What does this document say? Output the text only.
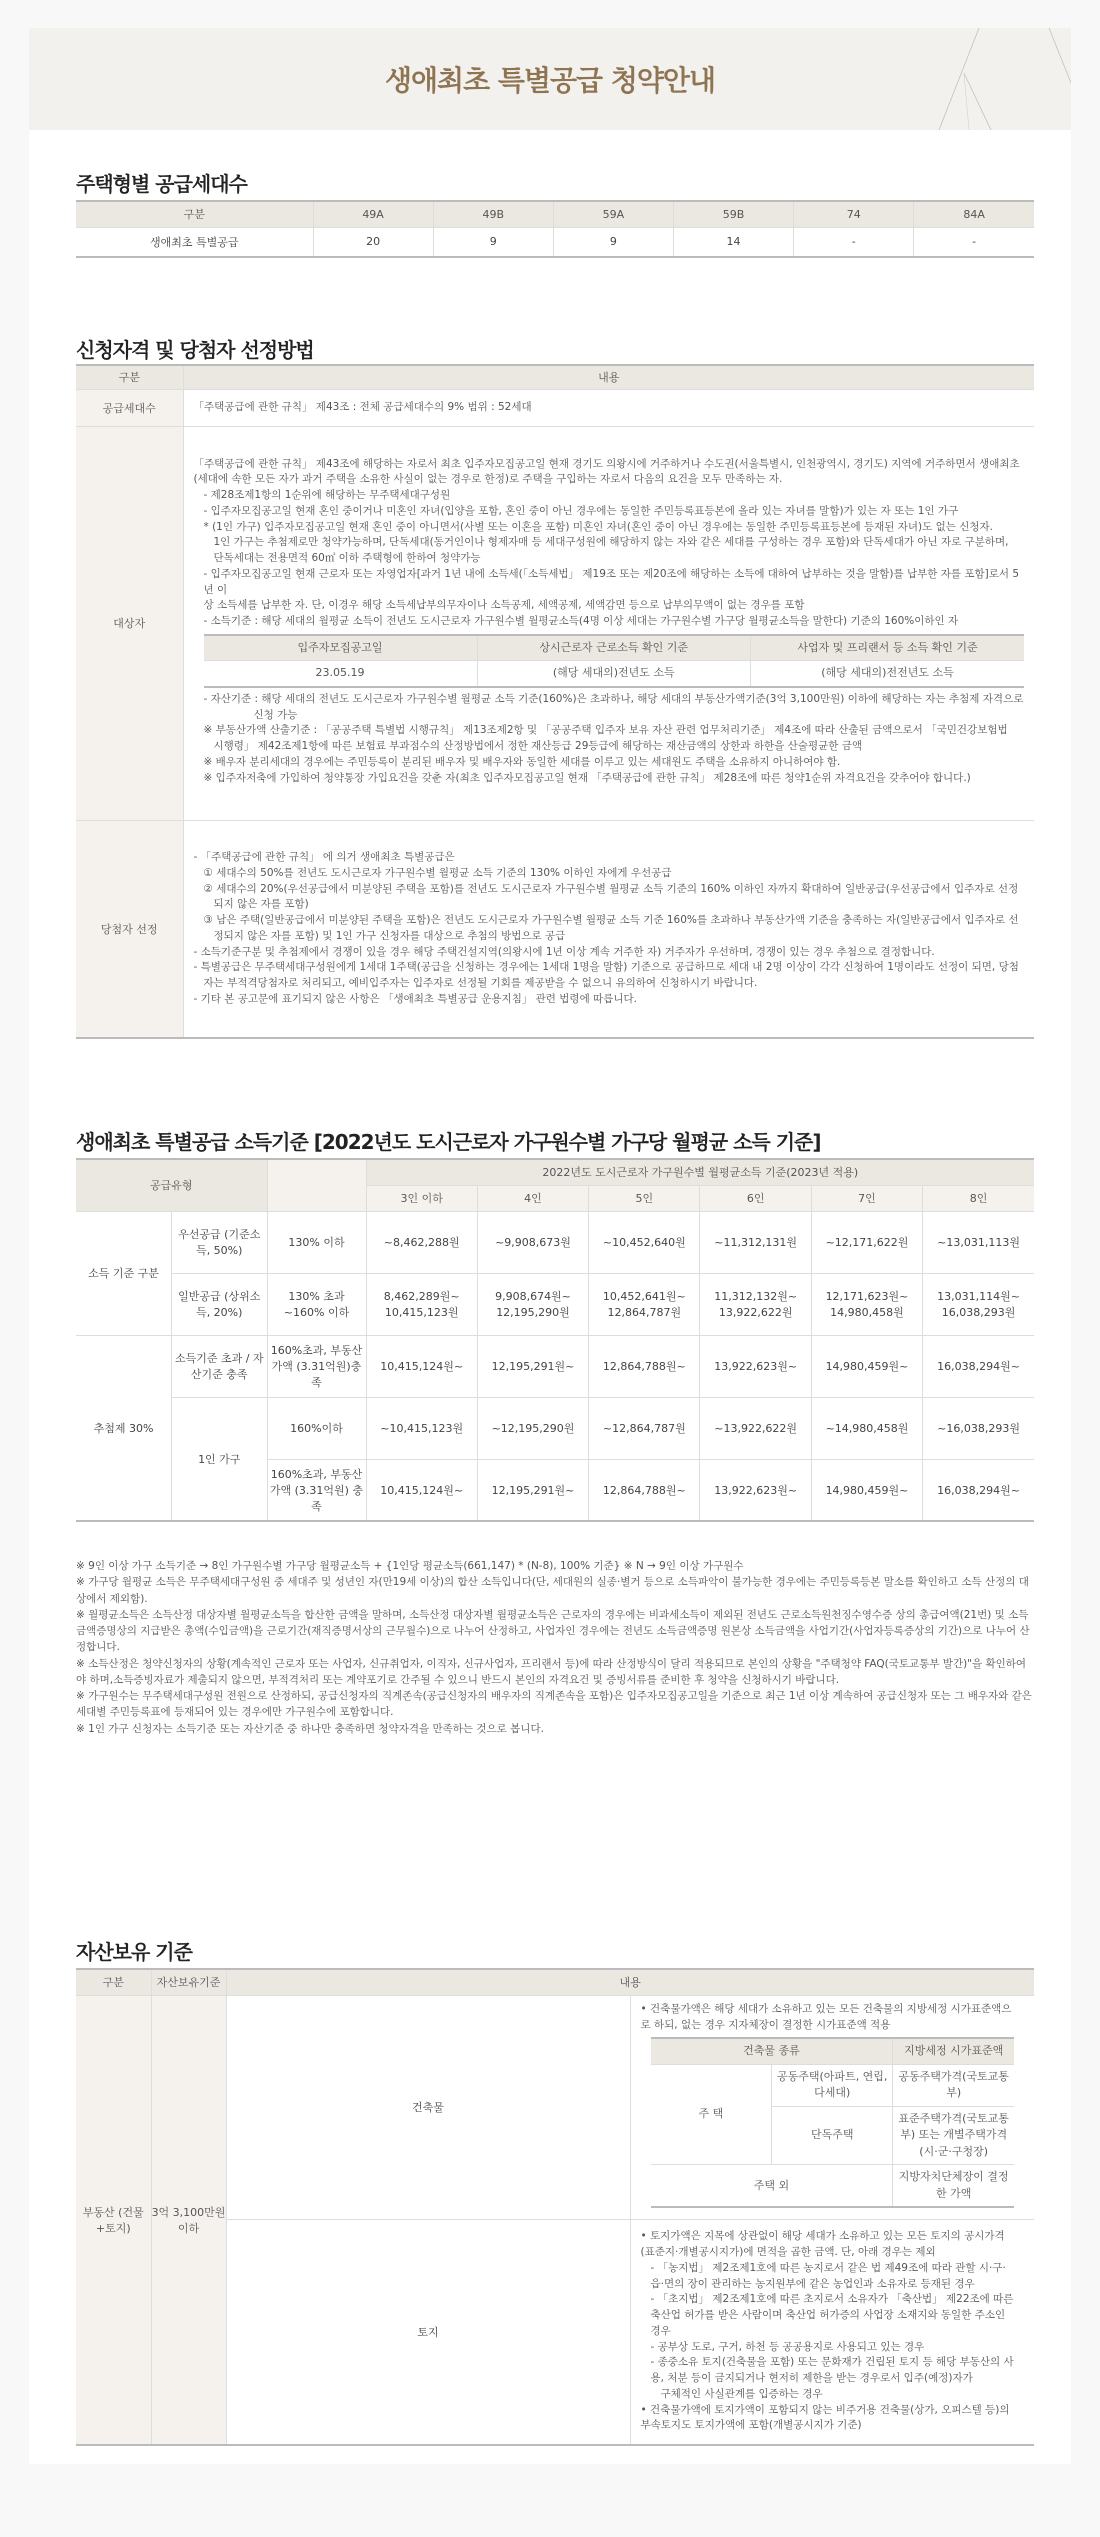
생애최초 특별공급 청약안내
주택형별 공급세대수
구분	49A	49B	59A	59B	74	84A
생애최초 특별공급	20	9	9	14	-	-
신청자격 및 당첨자 선정방법
구분	내용
공급세대수	「주택공급에 관한 규칙」 제43조 : 전체 공급세대수의 9% 범위 : 52세대
대상자	

「주택공급에 관한 규칙」 제43조에 해당하는 자로서 최초 입주자모집공고일 현재 경기도 의왕시에 거주하거나 수도권(서울특별시, 인천광역시, 경기도) 지역에 거주하면서 생애최초

(세대에 속한 모든 자가 과거 주택을 소유한 사실이 없는 경우로 한정)로 주택을 구입하는 자로서 다음의 요건을 모두 만족하는 자.

- 제28조제1항의 1순위에 해당하는 무주택세대구성원

- 입주자모집공고일 현재 혼인 중이거나 미혼인 자녀(입양을 포함, 혼인 중이 아닌 경우에는 동일한 주민등록표등본에 올라 있는 자녀를 말함)가 있는 자 또는 1인 가구

* (1인 가구) 입주자모집공고일 현재 혼인 중이 아니면서(사별 또는 이혼을 포함) 미혼인 자녀(혼인 중이 아닌 경우에는 동일한 주민등록표등본에 등재된 자녀)도 없는 신청자.

1인 가구는 추첨제로만 청약가능하며, 단독세대(동거인이나 형제자매 등 세대구성원에 해당하지 않는 자와 같은 세대를 구성하는 경우 포함)와 단독세대가 아닌 자로 구분하며,

단독세대는 전용면적 60㎡ 이하 주택형에 한하여 청약가능

- 입주자모집공고일 현재 근로자 또는 자영업자[과거 1년 내에 소득세(「소득세법」 제19조 또는 제20조에 해당하는 소득에 대하여 납부하는 것을 말함)를 납부한 자를 포함]로서 5년 이

상 소득세를 납부한 자. 단, 이경우 해당 소득세납부의무자이나 소득공제, 세액공제, 세액감면 등으로 납부의무액이 없는 경우를 포함

- 소득기준 : 해당 세대의 월평균 소득이 전년도 도시근로자 가구원수별 월평균소득(4명 이상 세대는 가구원수별 가구당 월평균소득을 말한다) 기준의 160%이하인 자

입주자모집공고일	상시근로자 근로소득 확인 기준	사업자 및 프리랜서 등 소득 확인 기준
23.05.19	(해당 세대의)전년도 소득	(해당 세대의)전전년도 소득

- 자산기준 : 해당 세대의 전년도 도시근로자 가구원수별 월평균 소득 기준(160%)은 초과하나, 해당 세대의 부동산가액기준(3억 3,100만원) 이하에 해당하는 자는 추첨제 자격으로

신청 가능

※ 부동산가액 산출기준 : 「공공주택 특별법 시행규칙」 제13조제2항 및 「공공주택 입주자 보유 자산 관련 업무처리기준」 제4조에 따라 산출된 금액으로서 「국민건강보험법

시행령」 제42조제1항에 따른 보험료 부과점수의 산정방법에서 정한 재산등급 29등급에 해당하는 재산금액의 상한과 하한을 산술평균한 금액

※ 배우자 분리세대의 경우에는 주민등록이 분리된 배우자 및 배우자와 동일한 세대를 이루고 있는 세대원도 주택을 소유하지 아니하여야 함.

※ 입주자저축에 가입하여 청약통장 가입요건을 갖춘 자(최초 입주자모집공고일 현재 「주택공급에 관한 규칙」 제28조에 따른 청약1순위 자격요건을 갖추어야 합니다.)

당첨자 선정	

- 「주택공급에 관한 규칙」 에 의거 생애최초 특별공급은

① 세대수의 50%를 전년도 도시근로자 가구원수별 월평균 소득 기준의 130% 이하인 자에게 우선공급

② 세대수의 20%(우선공급에서 미분양된 주택을 포함)를 전년도 도시근로자 가구원수별 월평균 소득 기준의 160% 이하인 자까지 확대하여 일반공급(우선공급에서 입주자로 선정

되지 않은 자를 포함)

③ 남은 주택(일반공급에서 미분양된 주택을 포함)은 전년도 도시근로자 가구원수별 월평균 소득 기준 160%를 초과하나 부동산가액 기준을 충족하는 자(일반공급에서 입주자로 선

정되지 않은 자를 포함) 및 1인 가구 신청자를 대상으로 추첨의 방법으로 공급

- 소득기준구분 및 추첨제에서 경쟁이 있을 경우 해당 주택건설지역(의왕시에 1년 이상 계속 거주한 자) 거주자가 우선하며, 경쟁이 있는 경우 추첨으로 결정합니다.

- 특별공급은 무주택세대구성원에게 1세대 1주택(공급을 신청하는 경우에는 1세대 1명을 말함) 기준으로 공급하므로 세대 내 2명 이상이 각각 신청하여 1명이라도 선정이 되면, 당첨

자는 부적격당첨자로 처리되고, 예비입주자는 입주자로 선정될 기회를 제공받을 수 없으니 유의하여 신청하시기 바랍니다.

- 기타 본 공고문에 표기되지 않은 사항은 「생애최초 특별공급 운용지침」 관련 법령에 따릅니다.

생애최초 특별공급 소득기준 [2022년도 도시근로자 가구원수별 가구당 월평균 소득 기준]
공급유형			2022년도 도시근로자 가구원수별 월평균소득 기준(2023년 적용)					
			3인 이하	4인	5인	6인	7인	8인
소득 기준 구분	우선공급 (기준소득, 50%)	130% 이하	~8,462,288원	~9,908,673원	~10,452,640원	~11,312,131원	~12,171,622원	~13,031,113원
	일반공급 (상위소득, 20%)	130% 초과 ~160% 이하	8,462,289원~ 10,415,123원	9,908,674원~ 12,195,290원	10,452,641원~ 12,864,787원	11,312,132원~ 13,922,622원	12,171,623원~ 14,980,458원	13,031,114원~ 16,038,293원
추첨제 30%	소득기준 초과 / 자산기준 충족	160%초과, 부동산가액 (3.31억원)충족	10,415,124원~	12,195,291원~	12,864,788원~	13,922,623원~	14,980,459원~	16,038,294원~
	1인 가구	160%이하	~10,415,123원	~12,195,290원	~12,864,787원	~13,922,622원	~14,980,458원	~16,038,293원
		160%초과, 부동산가액 (3.31억원) 충족	10,415,124원~	12,195,291원~	12,864,788원~	13,922,623원~	14,980,459원~	16,038,294원~

※ 9인 이상 가구 소득기준 → 8인 가구원수별 가구당 월평균소득 + {1인당 평균소득(661,147) * (N-8), 100% 기준} ※ N → 9인 이상 가구원수

※ 가구당 월평균 소득은 무주택세대구성원 중 세대주 및 성년인 자(만19세 이상)의 합산 소득입니다(단, 세대원의 실종·별거 등으로 소득파악이 불가능한 경우에는 주민등록등본 말소를 확인하고 소득 산정의 대상에서 제외함).

※ 월평균소득은 소득산정 대상자별 월평균소득을 합산한 금액을 말하며, 소득산정 대상자별 월평균소득은 근로자의 경우에는 비과세소득이 제외된 전년도 근로소득원천징수영수증 상의 총급여액(21번) 및 소득금액증명상의 지급받은 총액(수입금액)을 근로기간(재직증명서상의 근무월수)으로 나누어 산정하고, 사업자인 경우에는 전년도 소득금액증명 원본상 소득금액을 사업기간(사업자등록증상의 기간)으로 나누어 산정합니다.

※ 소득산정은 청약신청자의 상황(계속적인 근로자 또는 사업자, 신규취업자, 이직자, 신규사업자, 프리랜서 등)에 따라 산정방식이 달리 적용되므로 본인의 상황을 "주택청약 FAQ(국토교통부 발간)"을 확인하여야 하며,소득증빙자료가 제출되지 않으면, 부적격처리 또는 계약포기로 간주될 수 있으니 반드시 본인의 자격요건 및 증빙서류를 준비한 후 청약을 신청하시기 바랍니다.

※ 가구원수는 무주택세대구성원 전원으로 산정하되, 공급신청자의 직계존속(공급신청자의 배우자의 직계존속을 포함)은 입주자모집공고일을 기준으로 최근 1년 이상 계속하여 공급신청자 또는 그 배우자와 같은 세대별 주민등록표에 등재되어 있는 경우에만 가구원수에 포함합니다.

※ 1인 가구 신청자는 소득기준 또는 자산기준 중 하나만 충족하면 청약자격을 만족하는 것으로 봅니다.

자산보유 기준
구분	자산보유기준	내용
부동산 (건물+토지)	3억 3,100만원 이하	건축물	

• 건축물가액은 해당 세대가 소유하고 있는 모든 건축물의 지방세정 시가표준액으로 하되, 없는 경우 지자체장이 결정한 시가표준액 적용

건축물 종류	지방세정 시가표준액
주 택	공동주택(아파트, 연립, 다세대)	공동주택가격(국토교통부)
단독주택	표준주택가격(국토교통부) 또는 개별주택가격(시·군·구청장)
주택 외	지방자치단체장이 결정한 가액

토지	

• 토지가액은 지목에 상관없이 해당 세대가 소유하고 있는 모든 토지의 공시가격(표준지·개별공시지가)에 면적을 곱한 금액. 단, 아래 경우는 제외

- 「농지법」 제2조제1호에 따른 농지로서 같은 법 제49조에 따라 관할 시·구·읍·면의 장이 관리하는 농지원부에 같은 농업인과 소유자로 등재된 경우

- 「초지법」 제2조제1호에 따른 초지로서 소유자가 「축산법」 제22조에 따른 축산업 허가를 받은 사람이며 축산업 허가증의 사업장 소재지와 동일한 주소인 경우

- 공부상 도로, 구거, 하천 등 공공용지로 사용되고 있는 경우

- 종중소유 토지(건축물을 포함) 또는 문화재가 건립된 토지 등 해당 부동산의 사용, 처분 등이 금지되거나 현저히 제한을 받는 경우로서 입주(예정)자가

구체적인 사실관계를 입증하는 경우

• 건축물가액에 토지가액이 포함되지 않는 비주거용 건축물(상가, 오피스텔 등)의 부속토지도 토지가액에 포함(개별공시지가 기준)
